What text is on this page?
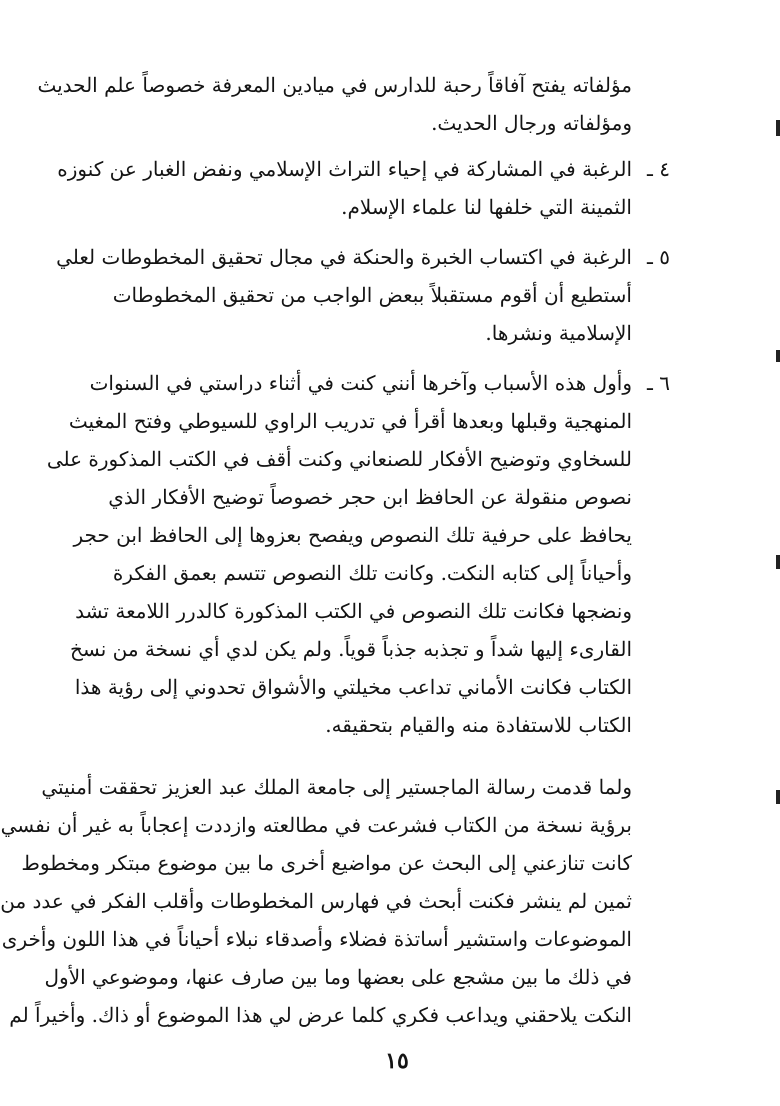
مؤلفاته يفتح آفاقاً رحبة للدارس في ميادين المعرفة خصوصاً علم الحديث
ومؤلفاته ورجال الحديث.
٤ ـ
الرغبة في المشاركة في إحياء التراث الإسلامي ونفض الغبار عن كنوزه
الثمينة التي خلفها لنا علماء الإسلام.
٥ ـ
الرغبة في اكتساب الخبرة والحنكة في مجال تحقيق المخطوطات لعلي
أستطيع أن أقوم مستقبلاً ببعض الواجب من تحقيق المخطوطات
الإسلامية ونشرها.
٦ ـ
وأول هذه الأسباب وآخرها أنني كنت في أثناء دراستي في السنوات
المنهجية وقبلها وبعدها أقرأ في تدريب الراوي للسيوطي وفتح المغيث
للسخاوي وتوضيح الأفكار للصنعاني وكنت أقف في الكتب المذكورة على
نصوص منقولة عن الحافظ ابن حجر خصوصاً توضيح الأفكار الذي
يحافظ على حرفية تلك النصوص ويفصح بعزوها إلى الحافظ ابن حجر
وأحياناً إلى كتابه النكت. وكانت تلك النصوص تتسم بعمق الفكرة
ونضجها فكانت تلك النصوص في الكتب المذكورة كالدرر اللامعة تشد
القارىء إليها شداً و تجذبه جذباً قوياً. ولم يكن لدي أي نسخة من نسخ
الكتاب فكانت الأماني تداعب مخيلتي والأشواق تحدوني إلى رؤية هذا
الكتاب للاستفادة منه والقيام بتحقيقه.
ولما قدمت رسالة الماجستير إلى جامعة الملك عبد العزيز تحققت أمنيتي
برؤية نسخة من الكتاب فشرعت في مطالعته وازددت إعجاباً به غير أن نفسي
كانت تنازعني إلى البحث عن مواضيع أخرى ما بين موضوع مبتكر ومخطوط
ثمين لم ينشر فكنت أبحث في فهارس المخطوطات وأقلب الفكر في عدد من
الموضوعات واستشير أساتذة فضلاء وأصدقاء نبلاء أحياناً في هذا اللون وأخرى
في ذلك ما بين مشجع على بعضها وما بين صارف عنها، وموضوعي الأول
النكت يلاحقني ويداعب فكري كلما عرض لي هذا الموضوع أو ذاك. وأخيراً لم
١٥
